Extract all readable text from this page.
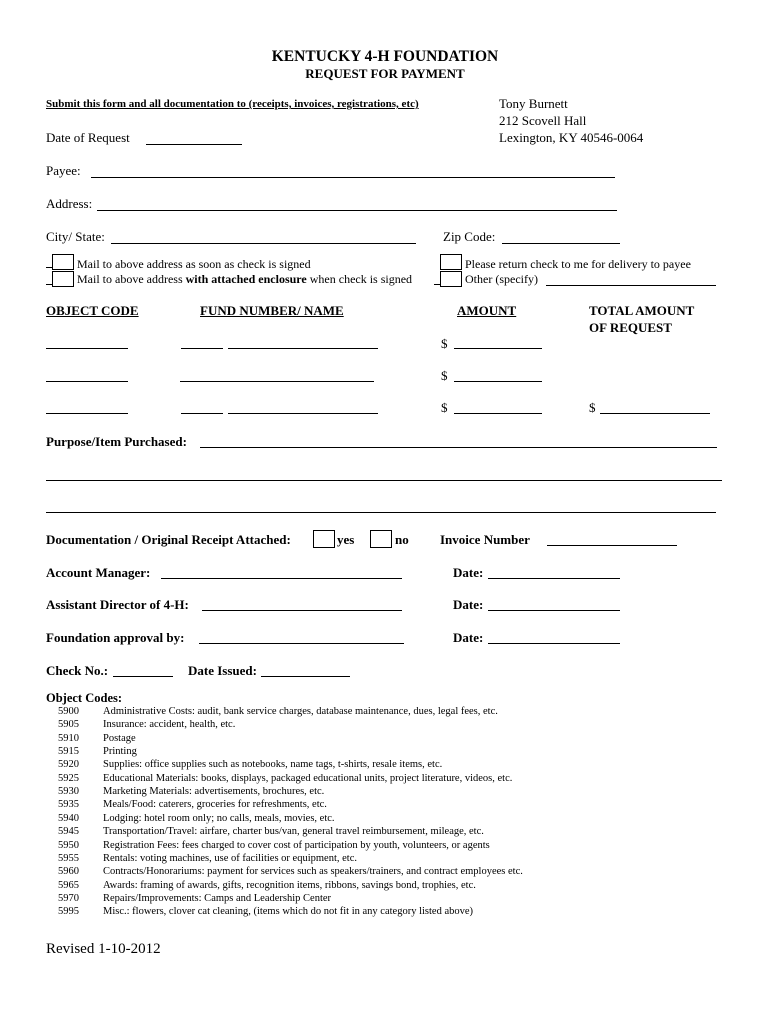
KENTUCKY 4-H FOUNDATION
REQUEST FOR PAYMENT
Submit this form and all documentation to (receipts, invoices, registrations, etc)	Tony Burnett
212 Scovell Hall
Lexington, KY 40546-0064
Date of Request
Payee:
Address:
City/ State:	Zip Code:
Mail to above address as soon as check is signed
Mail to above address with attached enclosure when check is signed
Please return check to me for delivery to payee
Other (specify)
OBJECT CODE	FUND NUMBER/ NAME	AMOUNT	TOTAL AMOUNT
OF REQUEST
$
$
$	$
Purpose/Item Purchased:
Documentation / Original Receipt Attached:	yes	no Invoice Number
Account Manager:	Date:
Assistant Director of 4-H:	Date:
Foundation approval by:	Date:
Check No.:	Date Issued:
Object Codes:
5900 Administrative Costs: audit, bank service charges, database maintenance, dues, legal fees, etc.
5905 Insurance: accident, health, etc.
5910 Postage
5915 Printing
5920 Supplies: office supplies such as notebooks, name tags, t-shirts, resale items, etc.
5925 Educational Materials: books, displays, packaged educational units, project literature, videos, etc.
5930 Marketing Materials: advertisements, brochures, etc.
5935 Meals/Food: caterers, groceries for refreshments, etc.
5940 Lodging: hotel room only; no calls, meals, movies, etc.
5945 Transportation/Travel: airfare, charter bus/van, general travel reimbursement, mileage, etc.
5950 Registration Fees: fees charged to cover cost of participation by youth, volunteers, or agents
5955 Rentals: voting machines, use of facilities or equipment, etc.
5960 Contracts/Honorariums: payment for services such as speakers/trainers, and contract employees etc.
5965 Awards: framing of awards, gifts, recognition items, ribbons, savings bond, trophies, etc.
5970 Repairs/Improvements: Camps and Leadership Center
5995 Misc.: flowers, clover cat cleaning, (items which do not fit in any category listed above)
Revised 1-10-2012
